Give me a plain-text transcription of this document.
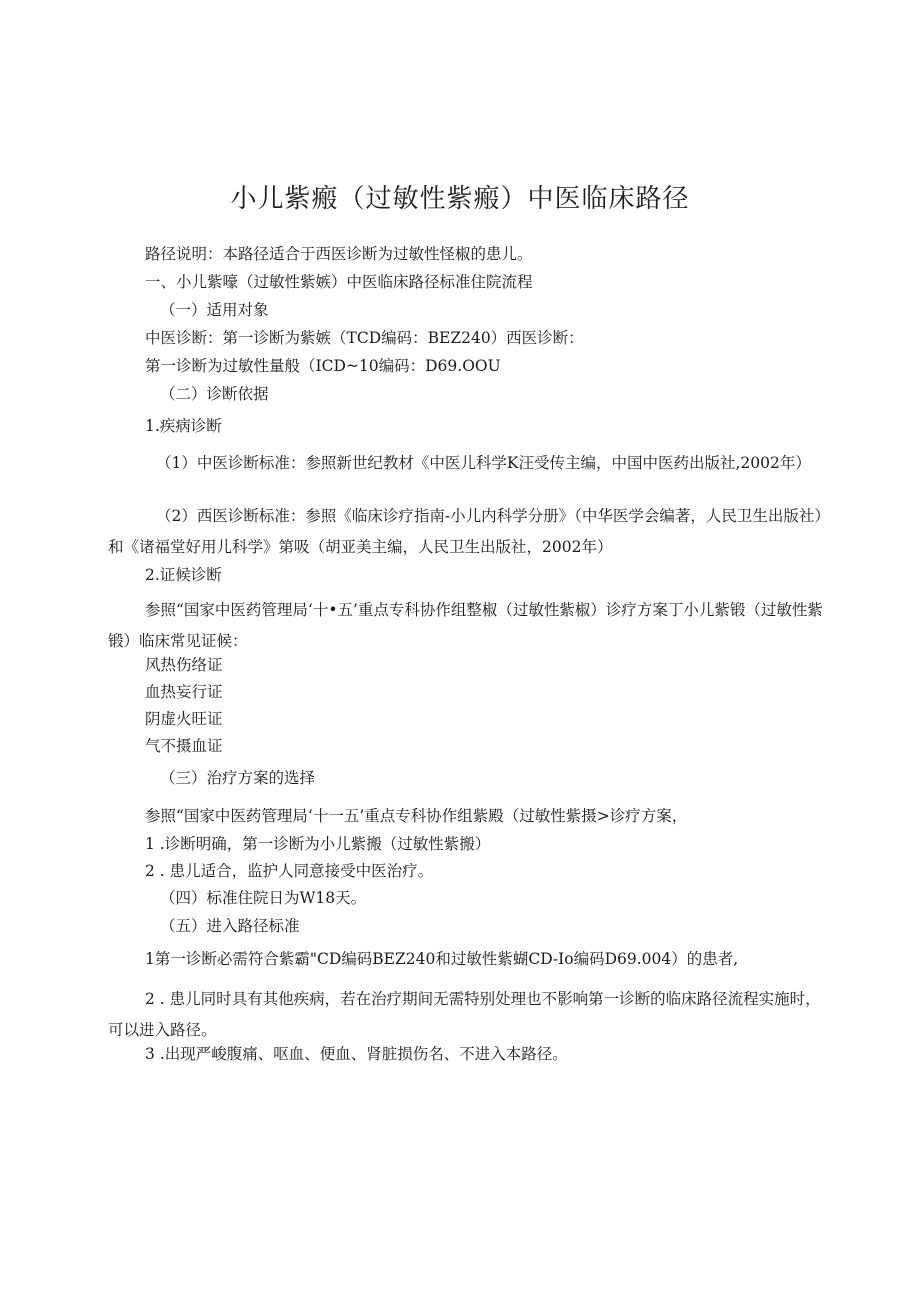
小儿紫瘢（过敏性紫瘢）中医临床路径

路径说明：本路径适合于西医诊断为过敏性怪椒的患儿。

一、小儿紫嚎（过敏性紫嫉）中医临床路径标准住院流程

（一）适用对象

中医诊断：第一诊断为紫嫉（TCD编码：BEZ240）西医诊断：

第一诊断为过敏性量般（ICD~10编码：D69.OOU

（二）诊断依据

1.疾病诊断

（1）中医诊断标准：参照新世纪教材《中医儿科学K汪受传主编，中国中医药出版社,2002年）

（2）西医诊断标准：参照《临床诊疗指南-小儿内科学分册》（中华医学会编著，人民卫生出版社）和《诸福堂好用儿科学》第吸（胡亚美主编，人民卫生出版社，2002年）

2.证候诊断

参照“国家中医药管理局‘十•五’重点专科协作组整椒（过敏性紫椒）诊疗方案丁小儿紫锻（过敏性紫锻）临床常见证候：

风热伤络证

血热妄行证

阴虚火旺证

气不摄血证

（三）治疗方案的选择

参照“国家中医药管理局‘十一五’重点专科协作组紫殿（过敏性紫摄>诊疗方案，

1 .诊断明确，第一诊断为小儿紫搬（过敏性紫搬）

2 . 患儿适合，监护人同意接受中医治疗。

（四）标准住院日为W18天。

（五）进入路径标准

1第一诊断必需符合紫霸"CD编码BEZ240和过敏性紫蝴CD-Io编码D69.004）的患者,

2 . 患儿同时具有其他疾病，若在治疗期间无需特别处理也不影响第一诊断的临床路径流程实施时，可以进入路径。

3 .出现严峻腹痛、呕血、便血、肾脏损伤名、不进入本路径。
